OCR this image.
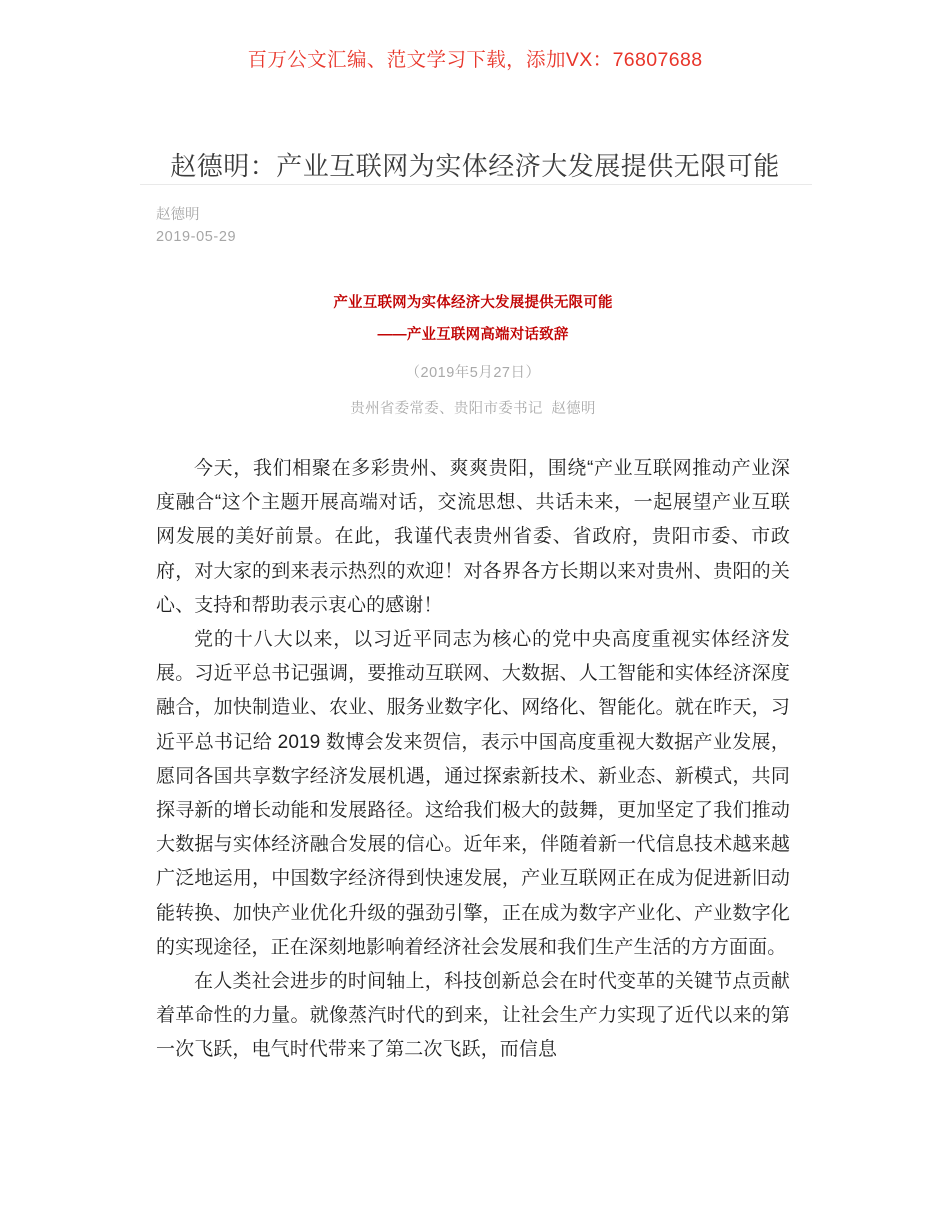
百万公文汇编、范文学习下载，添加VX：76807688
赵德明：产业互联网为实体经济大发展提供无限可能
赵德明
2019-05-29
产业互联网为实体经济大发展提供无限可能
——产业互联网高端对话致辞
（2019年5月27日）
贵州省委常委、贵阳市委书记  赵德明

今天，我们相聚在多彩贵州、爽爽贵阳，围绕“产业互联网推动产业深度融合“这个主题开展高端对话，交流思想、共话未来，一起展望产业互联网发展的美好前景。在此，我谨代表贵州省委、省政府，贵阳市委、市政府，对大家的到来表示热烈的欢迎！对各界各方长期以来对贵州、贵阳的关心、支持和帮助表示衷心的感谢！

党的十八大以来，以习近平同志为核心的党中央高度重视实体经济发展。习近平总书记强调，要推动互联网、大数据、人工智能和实体经济深度融合，加快制造业、农业、服务业数字化、网络化、智能化。就在昨天，习近平总书记给 2019 数博会发来贺信，表示中国高度重视大数据产业发展，愿同各国共享数字经济发展机遇，通过探索新技术、新业态、新模式，共同探寻新的增长动能和发展路径。这给我们极大的鼓舞，更加坚定了我们推动大数据与实体经济融合发展的信心。近年来，伴随着新一代信息技术越来越广泛地运用，中国数字经济得到快速发展，产业互联网正在成为促进新旧动能转换、加快产业优化升级的强劲引擎，正在成为数字产业化、产业数字化的实现途径，正在深刻地影响着经济社会发展和我们生产生活的方方面面。

在人类社会进步的时间轴上，科技创新总会在时代变革的关键节点贡献着革命性的力量。就像蒸汽时代的到来，让社会生产力实现了近代以来的第一次飞跃，电气时代带来了第二次飞跃，而信息
